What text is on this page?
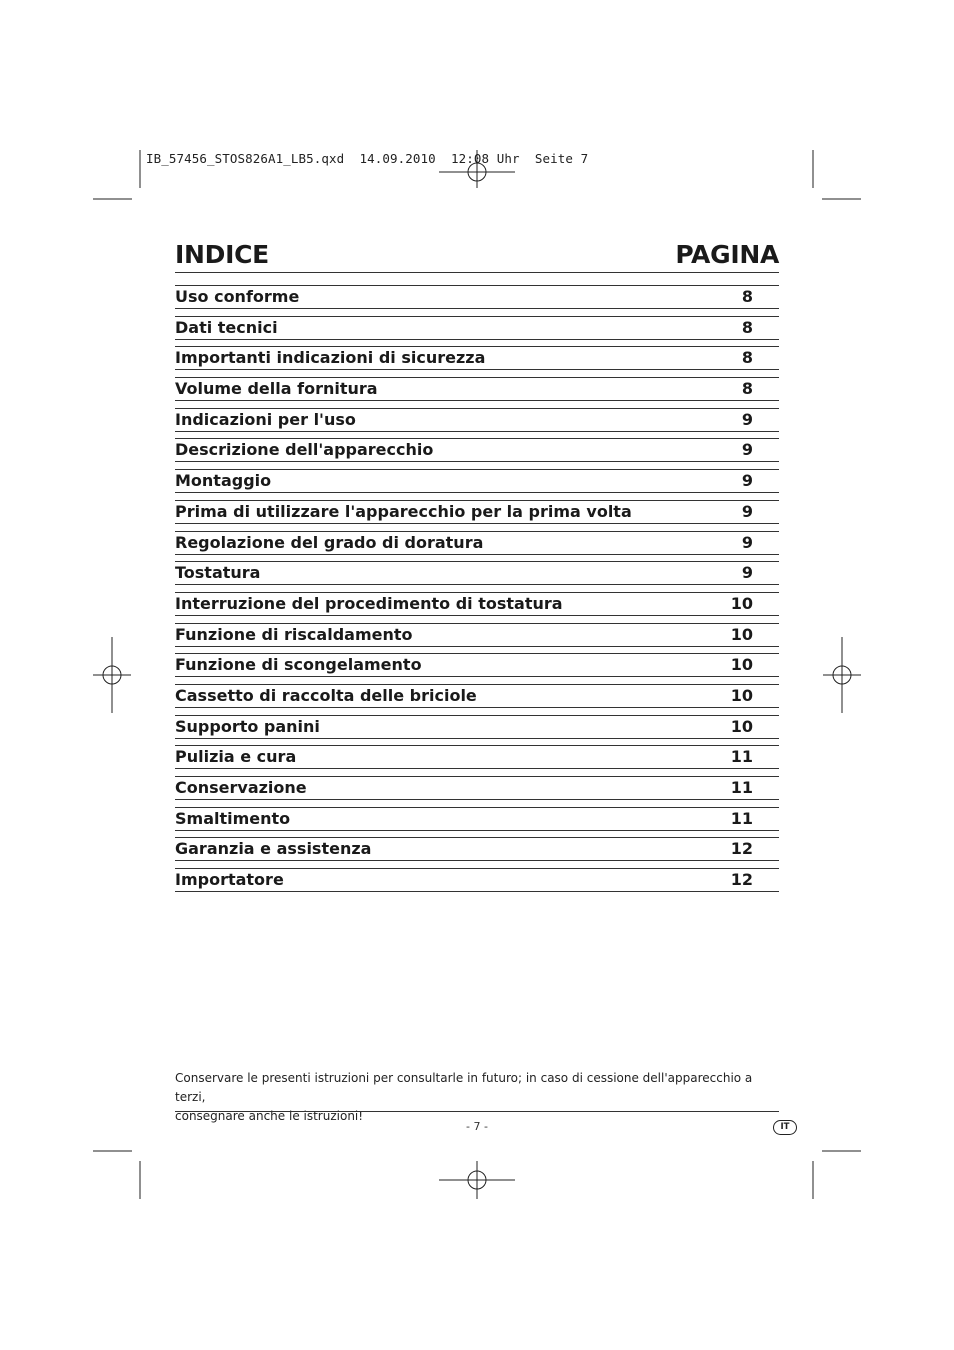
IB_57456_STOS826A1_LB5.qxd  14.09.2010  12:08 Uhr  Seite 7
INDICE	PAGINA
Uso conforme	8
Dati tecnici	8
Importanti indicazioni di sicurezza	8
Volume della fornitura	8
Indicazioni per l'uso	9
Descrizione dell'apparecchio	9
Montaggio	9
Prima di utilizzare l'apparecchio per la prima volta	9
Regolazione del grado di doratura	9
Tostatura	9
Interruzione del procedimento di tostatura	10
Funzione di riscaldamento	10
Funzione di scongelamento	10
Cassetto di raccolta delle briciole	10
Supporto panini	10
Pulizia e cura	11
Conservazione	11
Smaltimento	11
Garanzia e assistenza	12
Importatore	12
Conservare le presenti istruzioni per consultarle in futuro; in caso di cessione dell'apparecchio a terzi,
consegnare anche le istruzioni!
- 7 -	IT
